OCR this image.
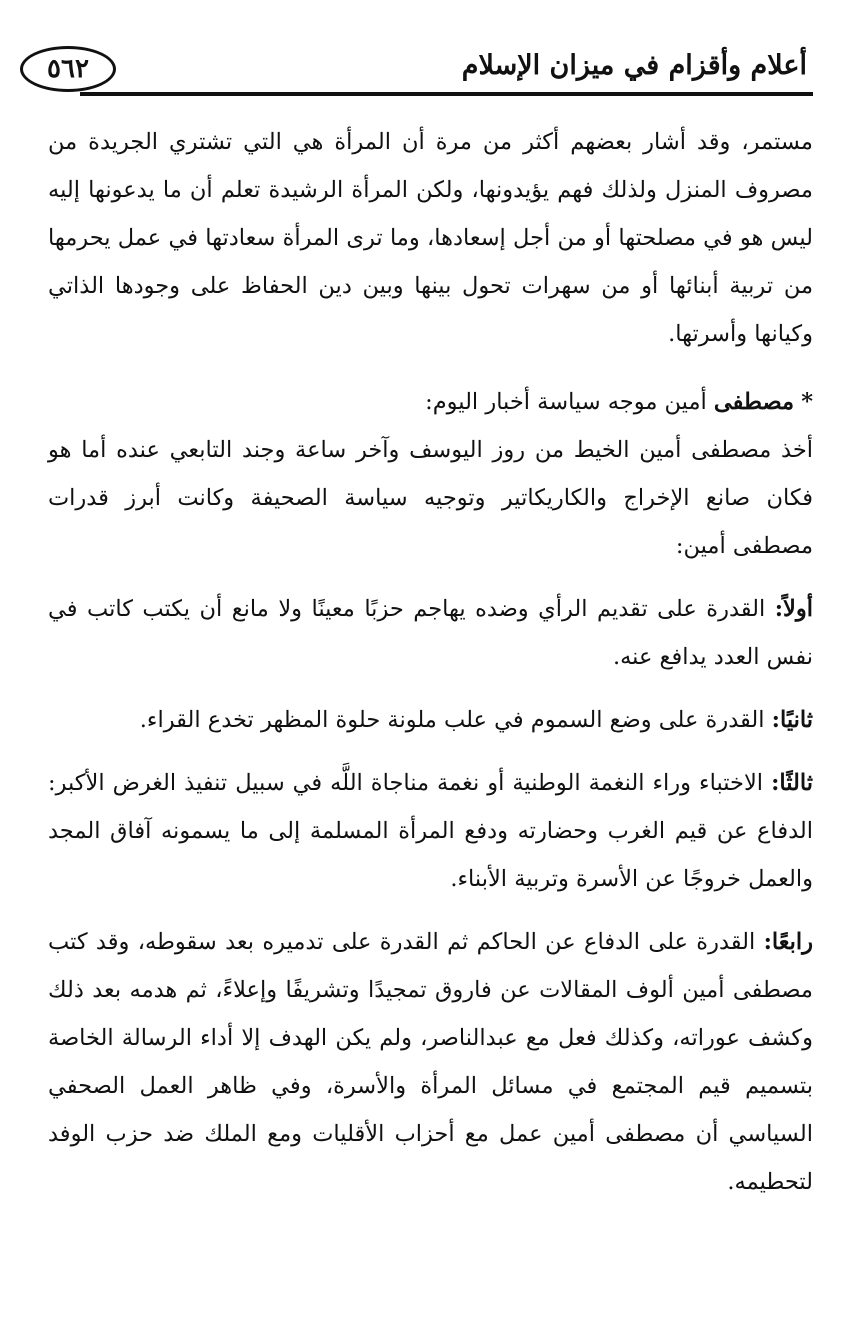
٥٦٢	أعلام وأقزام في ميزان الإسلام

مستمر، وقد أشار بعضهم أكثر من مرة أن المرأة هي التي تشتري الجريدة من مصروف المنزل ولذلك فهم يؤيدونها، ولكن المرأة الرشيدة تعلم أن ما يدعونها إليه ليس هو في مصلحتها أو من أجل إسعادها، وما ترى المرأة سعادتها في عمل يحرمها من تربية أبنائها أو من سهرات تحول بينها وبين دين الحفاظ على وجودها الذاتي وكيانها وأسرتها.

* مصطفى أمين موجه سياسة أخبار اليوم:

أخذ مصطفى أمين الخيط من روز اليوسف وآخر ساعة وجند التابعي عنده أما هو فكان صانع الإخراج والكاريكاتير وتوجيه سياسة الصحيفة وكانت أبرز قدرات مصطفى أمين:

أولاً: القدرة على تقديم الرأي وضده يهاجم حزبًا معينًا ولا مانع أن يكتب كاتب في نفس العدد يدافع عنه.

ثانيًا: القدرة على وضع السموم في علب ملونة حلوة المظهر تخدع القراء.

ثالثًا: الاختباء وراء النغمة الوطنية أو نغمة مناجاة اللَّه في سبيل تنفيذ الغرض الأكبر: الدفاع عن قيم الغرب وحضارته ودفع المرأة المسلمة إلى ما يسمونه آفاق المجد والعمل خروجًا عن الأسرة وتربية الأبناء.

رابعًا: القدرة على الدفاع عن الحاكم ثم القدرة على تدميره بعد سقوطه، وقد كتب مصطفى أمين ألوف المقالات عن فاروق تمجيدًا وتشريفًا وإعلاءً، ثم هدمه بعد ذلك وكشف عوراته، وكذلك فعل مع عبدالناصر، ولم يكن الهدف إلا أداء الرسالة الخاصة بتسميم قيم المجتمع في مسائل المرأة والأسرة، وفي ظاهر العمل الصحفي السياسي أن مصطفى أمين عمل مع أحزاب الأقليات ومع الملك ضد حزب الوفد لتحطيمه.
